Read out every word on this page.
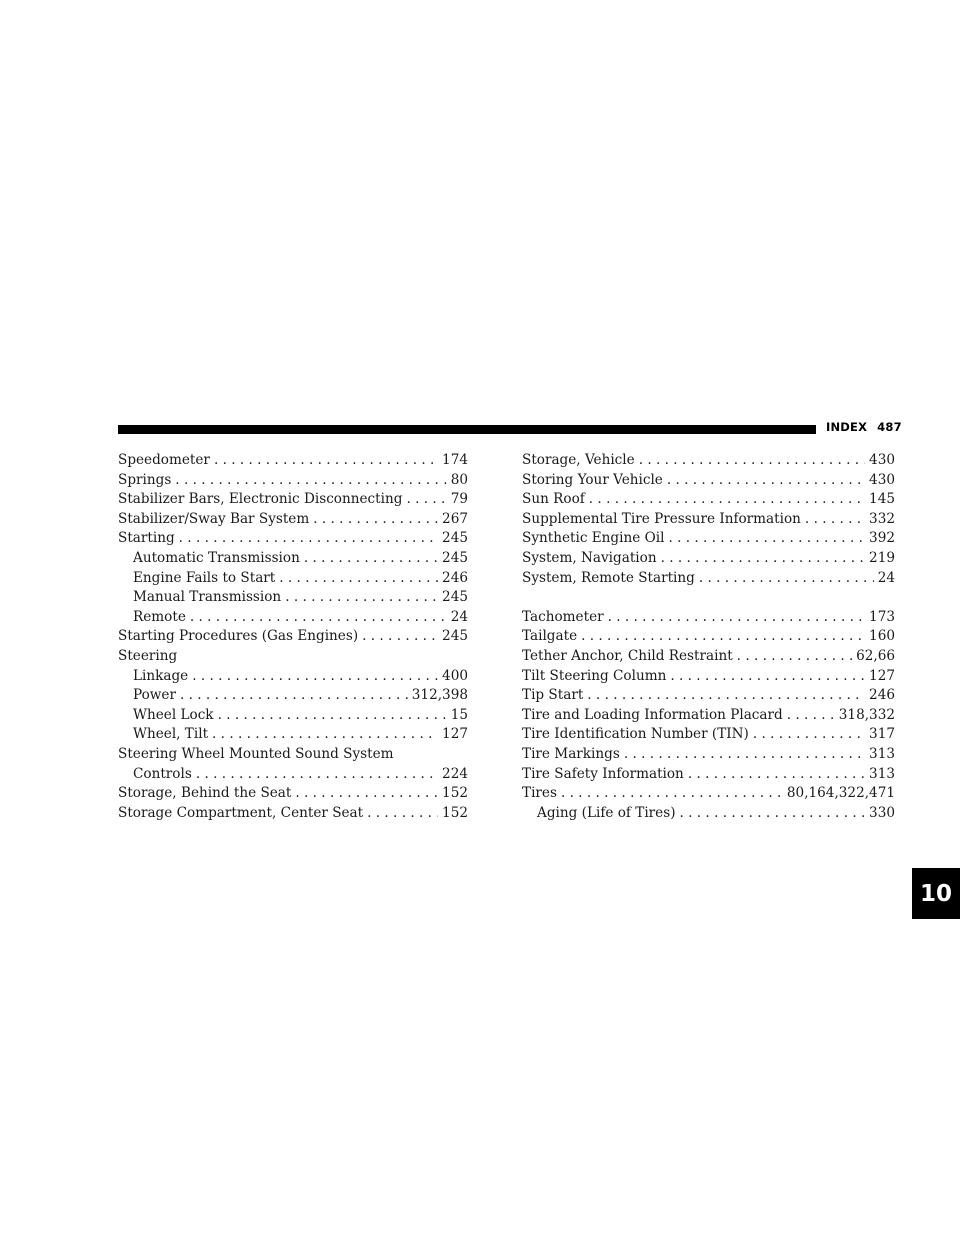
INDEX 487
Speedometer . . .	174
Springs . . .	80
Stabilizer Bars, Electronic Disconnecting . . .	79
Stabilizer/Sway Bar System . . .	267
Starting . . .	245
Automatic Transmission . . .	245
Engine Fails to Start . . .	246
Manual Transmission . . .	245
Remote . . .	24
Starting Procedures (Gas Engines) . . .	245
Steering
Linkage . . .	400
Power . . .	312,398
Wheel Lock . . .	15
Wheel, Tilt . . .	127
Steering Wheel Mounted Sound System
Controls . . .	224
Storage, Behind the Seat . . .	152
Storage Compartment, Center Seat . . .	152
Storage, Vehicle . . .	430
Storing Your Vehicle . . .	430
Sun Roof . . .	145
Supplemental Tire Pressure Information . . .	332
Synthetic Engine Oil . . .	392
System, Navigation . . .	219
System, Remote Starting . . .	24
Tachometer . . .	173
Tailgate . . .	160
Tether Anchor, Child Restraint . . .	62,66
Tilt Steering Column . . .	127
Tip Start . . .	246
Tire and Loading Information Placard . . .	318,332
Tire Identification Number (TIN) . . .	317
Tire Markings . . .	313
Tire Safety Information . . .	313
Tires . . .	80,164,322,471
Aging (Life of Tires) . . .	330
10
